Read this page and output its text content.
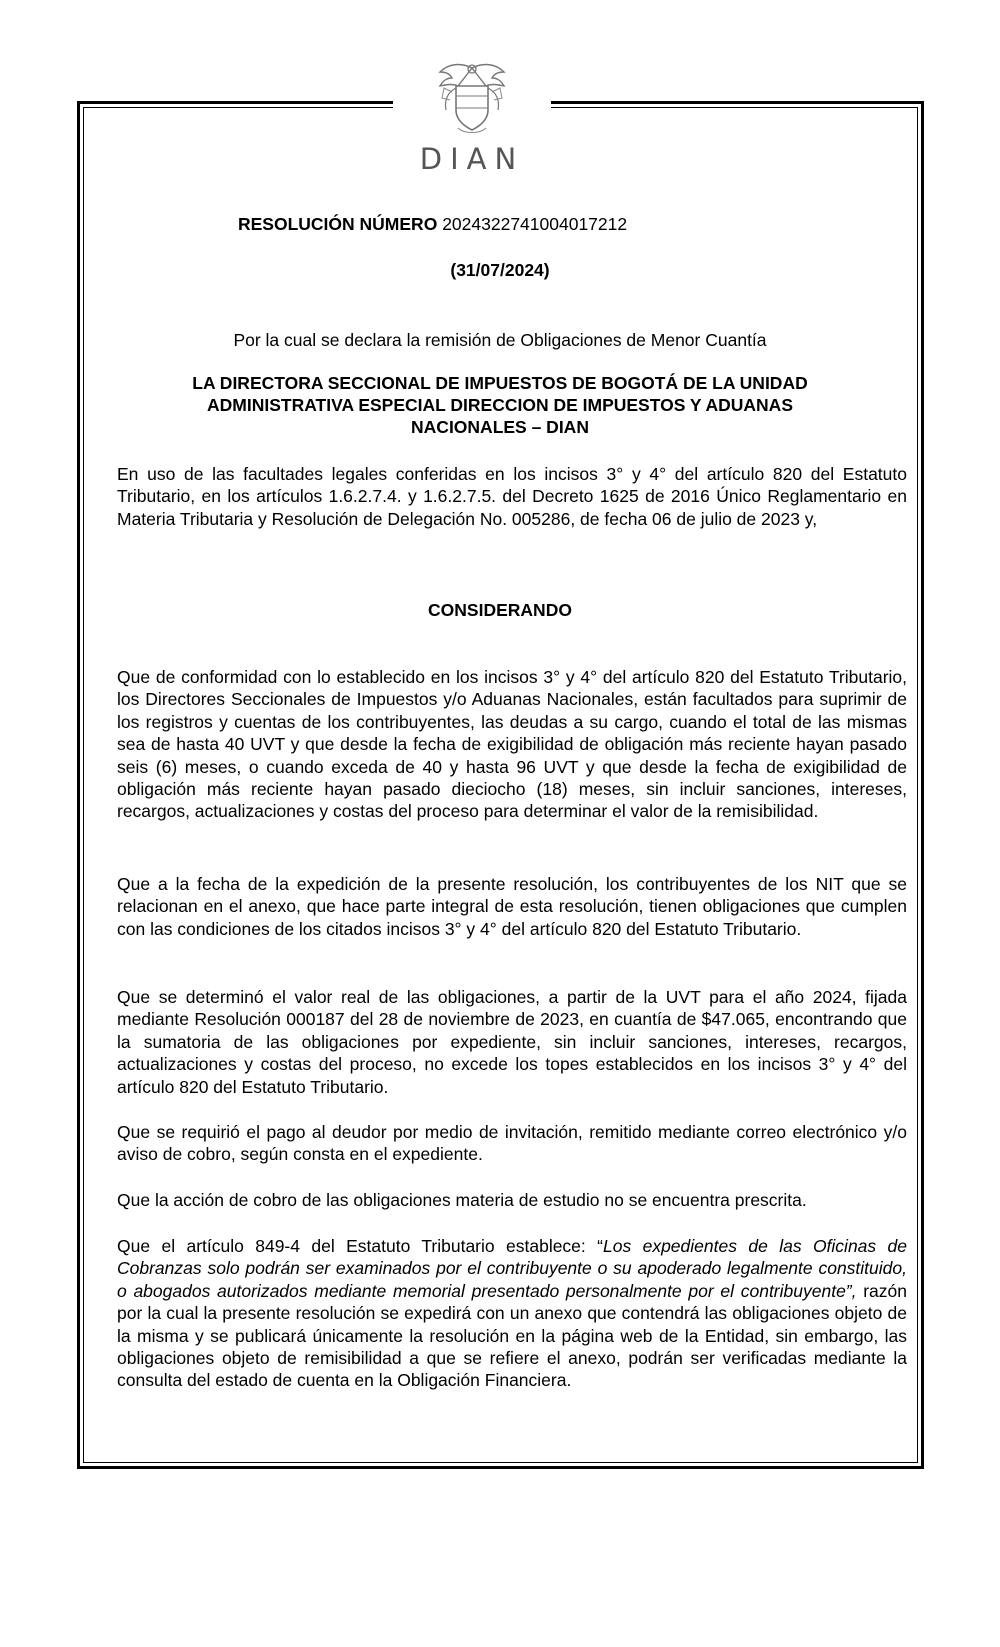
DIAN
RESOLUCIÓN NÚMERO 2024322741004017212
(31/07/2024)
Por la cual se declara la remisión de Obligaciones de Menor Cuantía
LA DIRECTORA SECCIONAL DE IMPUESTOS DE BOGOTÁ DE LA UNIDAD ADMINISTRATIVA ESPECIAL DIRECCION DE IMPUESTOS Y ADUANAS NACIONALES – DIAN

En uso de las facultades legales conferidas en los incisos 3° y 4° del artículo 820 del Estatuto Tributario, en los artículos 1.6.2.7.4. y 1.6.2.7.5. del Decreto 1625 de 2016 Único Reglamentario en Materia Tributaria y Resolución de Delegación No. 005286, de fecha 06 de julio de 2023 y,

CONSIDERANDO

Que de conformidad con lo establecido en los incisos 3° y 4° del artículo 820 del Estatuto Tributario, los Directores Seccionales de Impuestos y/o Aduanas Nacionales, están facultados para suprimir de los registros y cuentas de los contribuyentes, las deudas a su cargo, cuando el total de las mismas sea de hasta 40 UVT y que desde la fecha de exigibilidad de obligación más reciente hayan pasado seis (6) meses, o cuando exceda de 40 y hasta 96 UVT y que desde la fecha de exigibilidad de obligación más reciente hayan pasado dieciocho (18) meses, sin incluir sanciones, intereses, recargos, actualizaciones y costas del proceso para determinar el valor de la remisibilidad.

Que a la fecha de la expedición de la presente resolución, los contribuyentes de los NIT que se relacionan en el anexo, que hace parte integral de esta resolución, tienen obligaciones que cumplen con las condiciones de los citados incisos 3° y 4° del artículo 820 del Estatuto Tributario.

Que se determinó el valor real de las obligaciones, a partir de la UVT para el año 2024, fijada mediante Resolución 000187 del 28 de noviembre de 2023, en cuantía de $47.065, encontrando que la sumatoria de las obligaciones por expediente, sin incluir sanciones, intereses, recargos, actualizaciones y costas del proceso, no excede los topes establecidos en los incisos 3° y 4° del artículo 820 del Estatuto Tributario.

Que se requirió el pago al deudor por medio de invitación, remitido mediante correo electrónico y/o aviso de cobro, según consta en el expediente.

Que la acción de cobro de las obligaciones materia de estudio no se encuentra prescrita.

Que el artículo 849-4 del Estatuto Tributario establece: “Los expedientes de las Oficinas de Cobranzas solo podrán ser examinados por el contribuyente o su apoderado legalmente constituido, o abogados autorizados mediante memorial presentado personalmente por el contribuyente”, razón por la cual la presente resolución se expedirá con un anexo que contendrá las obligaciones objeto de la misma y se publicará únicamente la resolución en la página web de la Entidad, sin embargo, las obligaciones objeto de remisibilidad a que se refiere el anexo, podrán ser verificadas mediante la consulta del estado de cuenta en la Obligación Financiera.
